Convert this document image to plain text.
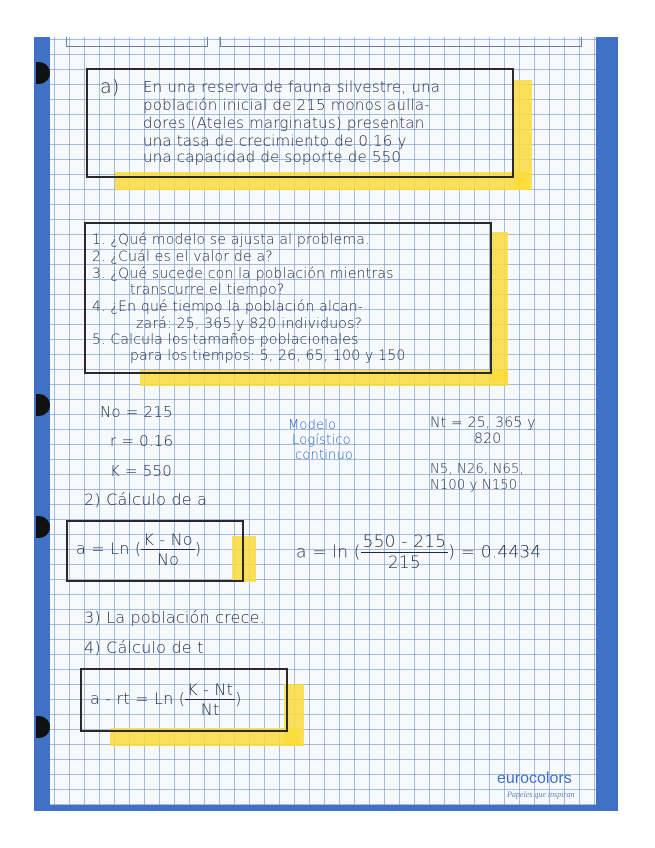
a) En una reserva de fauna silvestre, una
población inicial de 215 monos aulla-
dores (Ateles marginatus) presentan
una tasa de crecimiento de 0.16 y
una capacidad de soporte de 550
1. ¿Qué modelo se ajusta al problema.
2. ¿Cuál es el valor de a?
3. ¿Qué sucede con la población mientras
transcurre el tiempo?
4. ¿En qué tiempo la población alcan-
zará: 25, 365 y 820 individuos?
5. Calcula los tamaños poblacionales
para los tiempos: 5, 26, 65, 100 y 150
No = 215
r = 0.16
K = 550
Modelo
Logístico
continuo.
Nt = 25, 365 y
820
N5, N26, N65,
N100 y N150
2) Cálculo de a
a = Ln ( $\frac{K - No}{No}$ )	a = ln ( $\frac{550 - 215}{215}$ ) = 0.4434
3) La población crece.
4) Cálculo de t
a - rt = Ln ( $\frac{K - Nt}{Nt}$ )
eurocolors
Papeles que inspiran
